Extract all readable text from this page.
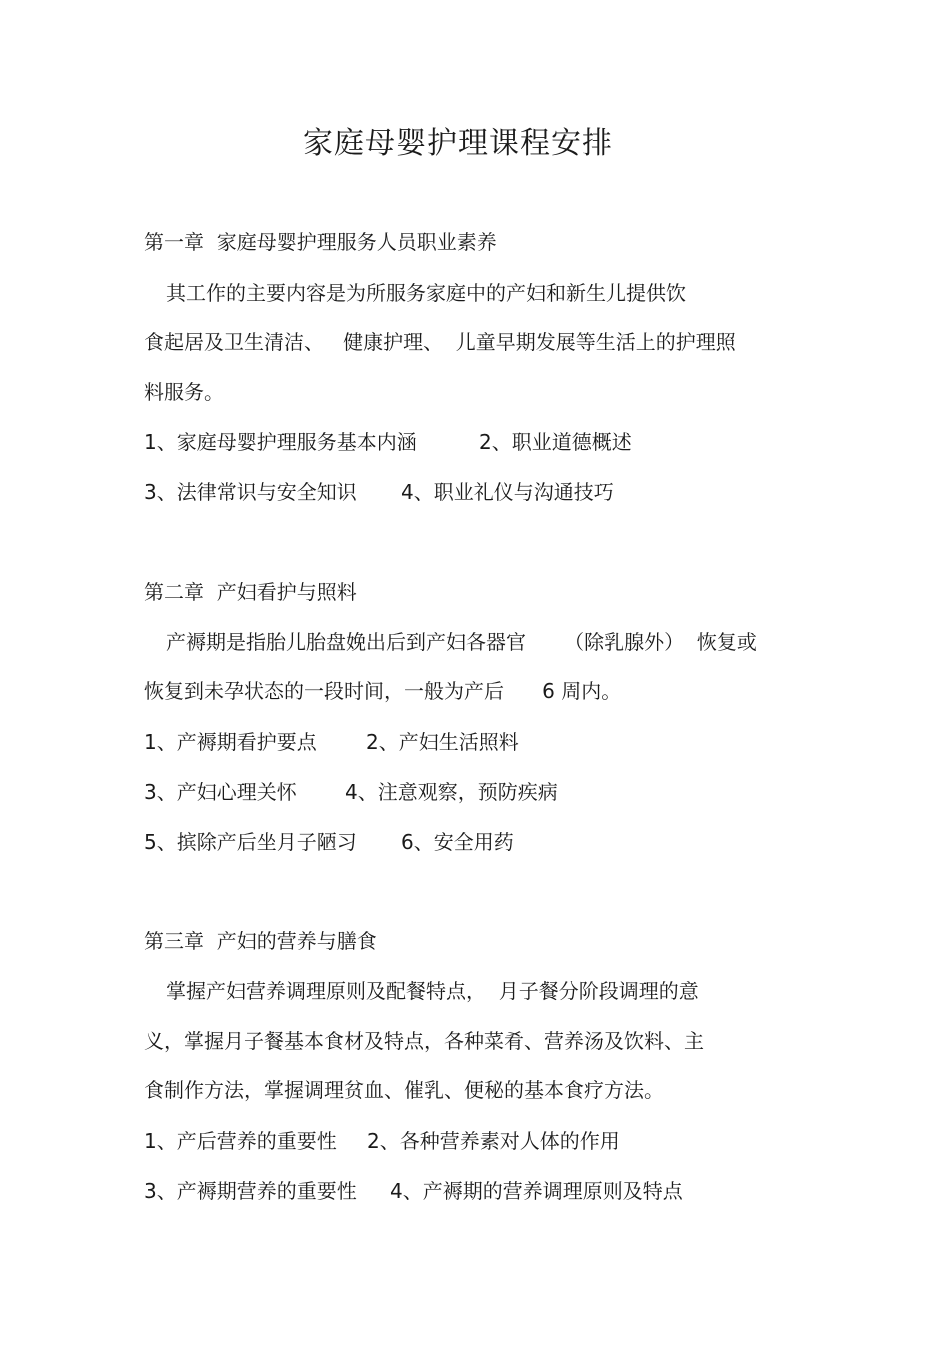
家庭母婴护理课程安排
第一章  家庭母婴护理服务人员职业素养
其工作的主要内容是为所服务家庭中的产妇和新生儿提供饮
食起居及卫生清洁、   健康护理、  儿童早期发展等生活上的护理照
料服务。
1、家庭母婴护理服务基本内涵	2、职业道德概述
3、法律常识与安全知识 4、职业礼仪与沟通技巧
第二章  产妇看护与照料
产褥期是指胎儿胎盘娩出后到产妇各器官      （除乳腺外）  恢复或
恢复到未孕状态的一段时间，一般为产后      6 周内。
1、产褥期看护要点 2、产妇生活照料
3、产妇心理关怀 4、注意观察，预防疾病
5、摈除产后坐月子陋习 6、安全用药
第三章  产妇的营养与膳食
掌握产妇营养调理原则及配餐特点，  月子餐分阶段调理的意
义，掌握月子餐基本食材及特点，各种菜肴、营养汤及饮料、主
食制作方法，掌握调理贫血、催乳、便秘的基本食疗方法。
1、产后营养的重要性 2、各种营养素对人体的作用
3、产褥期营养的重要性 4、产褥期的营养调理原则及特点
